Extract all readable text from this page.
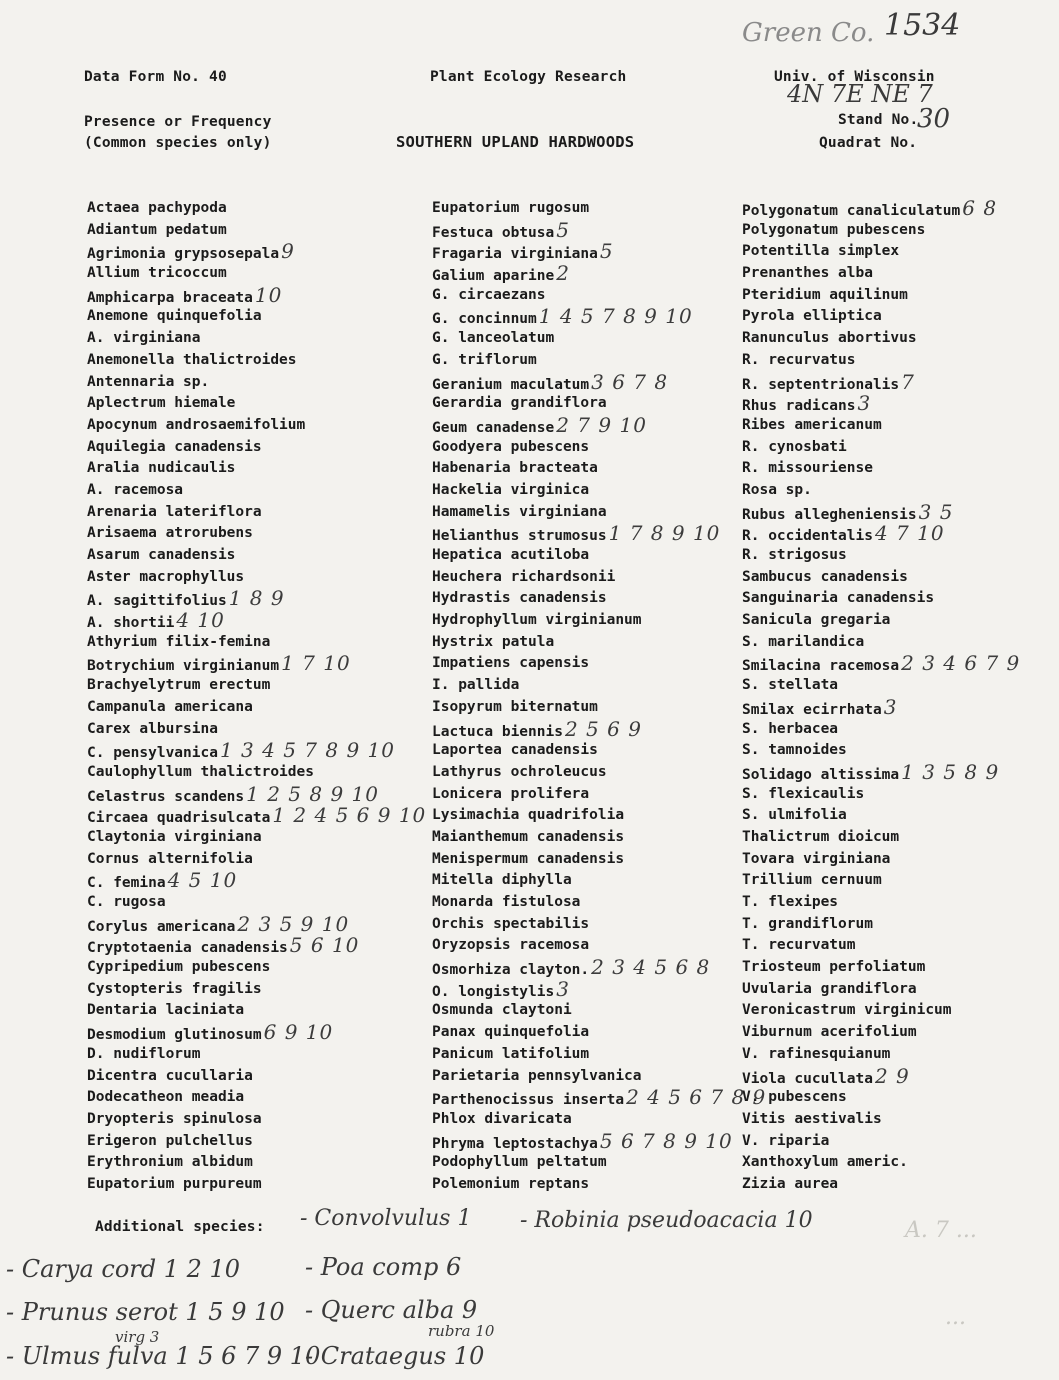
Data Form No. 40	Plant Ecology Research	Univ. of Wisconsin
Presence or Frequency
(Common species only)	SOUTHERN UPLAND HARDWOODS
Stand No.
Quadrat No.
Green Co. 1534
4N 7E NE 7
30
Actaea pachypoda
Adiantum pedatum
Agrimonia grypsosepala 9
Allium tricoccum
Amphicarpa braceata 10
Anemone quinquefolia
A. virginiana
Anemonella thalictroides
Antennaria sp.
Aplectrum hiemale
Apocynum androsaemifolium
Aquilegia canadensis
Aralia nudicaulis
A. racemosa
Arenaria lateriflora
Arisaema atrorubens
Asarum canadensis
Aster macrophyllus
A. sagittifolius 1 8 9
A. shortii 4 10
Athyrium filix-femina
Botrychium virginianum 1 7 10
Brachyelytrum erectum
Campanula americana
Carex albursina
C. pensylvanica 1 3 4 5 7 8 9 10
Caulophyllum thalictroides
Celastrus scandens 1 2 5 8 9 10
Circaea quadrisulcata 1 2 4 5 6 9 10
Claytonia virginiana
Cornus alternifolia
C. femina 4 5 10
C. rugosa
Corylus americana 2 3 5 9 10
Cryptotaenia canadensis 5 6 10
Cypripedium pubescens
Cystopteris fragilis
Dentaria laciniata
Desmodium glutinosum 6 9 10
D. nudiflorum
Dicentra cucullaria
Dodecatheon meadia
Dryopteris spinulosa
Erigeron pulchellus
Erythronium albidum
Eupatorium purpureum
Eupatorium rugosum
Festuca obtusa 5
Fragaria virginiana 5
Galium aparine 2
G. circaezans
G. concinnum 1 4 5 7 8 9 10
G. lanceolatum
G. triflorum
Geranium maculatum 3 6 7 8
Gerardia grandiflora
Geum canadense 2 7 9 10
Goodyera pubescens
Habenaria bracteata
Hackelia virginica
Hamamelis virginiana
Helianthus strumosus 1 7 8 9 10
Hepatica acutiloba
Heuchera richardsonii
Hydrastis canadensis
Hydrophyllum virginianum
Hystrix patula
Impatiens capensis
I. pallida
Isopyrum biternatum
Lactuca biennis 2 5 6 9
Laportea canadensis
Lathyrus ochroleucus
Lonicera prolifera
Lysimachia quadrifolia
Maianthemum canadensis
Menispermum canadensis
Mitella diphylla
Monarda fistulosa
Orchis spectabilis
Oryzopsis racemosa
Osmorhiza clayton. 2 3 4 5 6 8
O. longistylis 3
Osmunda claytoni
Panax quinquefolia
Panicum latifolium
Parietaria pennsylvanica
Parthenocissus inserta 2 4 5 6 7 8 9
Phlox divaricata
Phryma leptostachya 5 6 7 8 9 10
Podophyllum peltatum
Polemonium reptans
Polygonatum canaliculatum 6 8
Polygonatum pubescens
Potentilla simplex
Prenanthes alba
Pteridium aquilinum
Pyrola elliptica
Ranunculus abortivus
R. recurvatus
R. septentrionalis 7
Rhus radicans 3
Ribes americanum
R. cynosbati
R. missouriense
Rosa sp.
Rubus allegheniensis 3 5
R. occidentalis 4 7 10
R. strigosus
Sambucus canadensis
Sanguinaria canadensis
Sanicula gregaria
S. marilandica
Smilacina racemosa 2 3 4 6 7 9
S. stellata
Smilax ecirrhata 3
S. herbacea
S. tamnoides
Solidago altissima 1 3 5 8 9
S. flexicaulis
S. ulmifolia
Thalictrum dioicum
Tovara virginiana
Trillium cernuum
T. flexipes
T. grandiflorum
T. recurvatum
Triosteum perfoliatum
Uvularia grandiflora
Veronicastrum virginicum
Viburnum acerifolium
V. rafinesquianum
Viola cucullata 2 9
V. pubescens
Vitis aestivalis
V. riparia
Xanthoxylum americ.
Zizia aurea
Additional species: - Convolvulus 1 - Robinia pseudoacacia 10
- Carya cord 1 2 10	- Poa comp 6
- Prunus serot 1 5 9 10 - Querc alba 9
rubra 10
virg 3
- Ulmus fulva 1 5 6 7 9 10
- Crataegus 10
A. 7 ...
...
